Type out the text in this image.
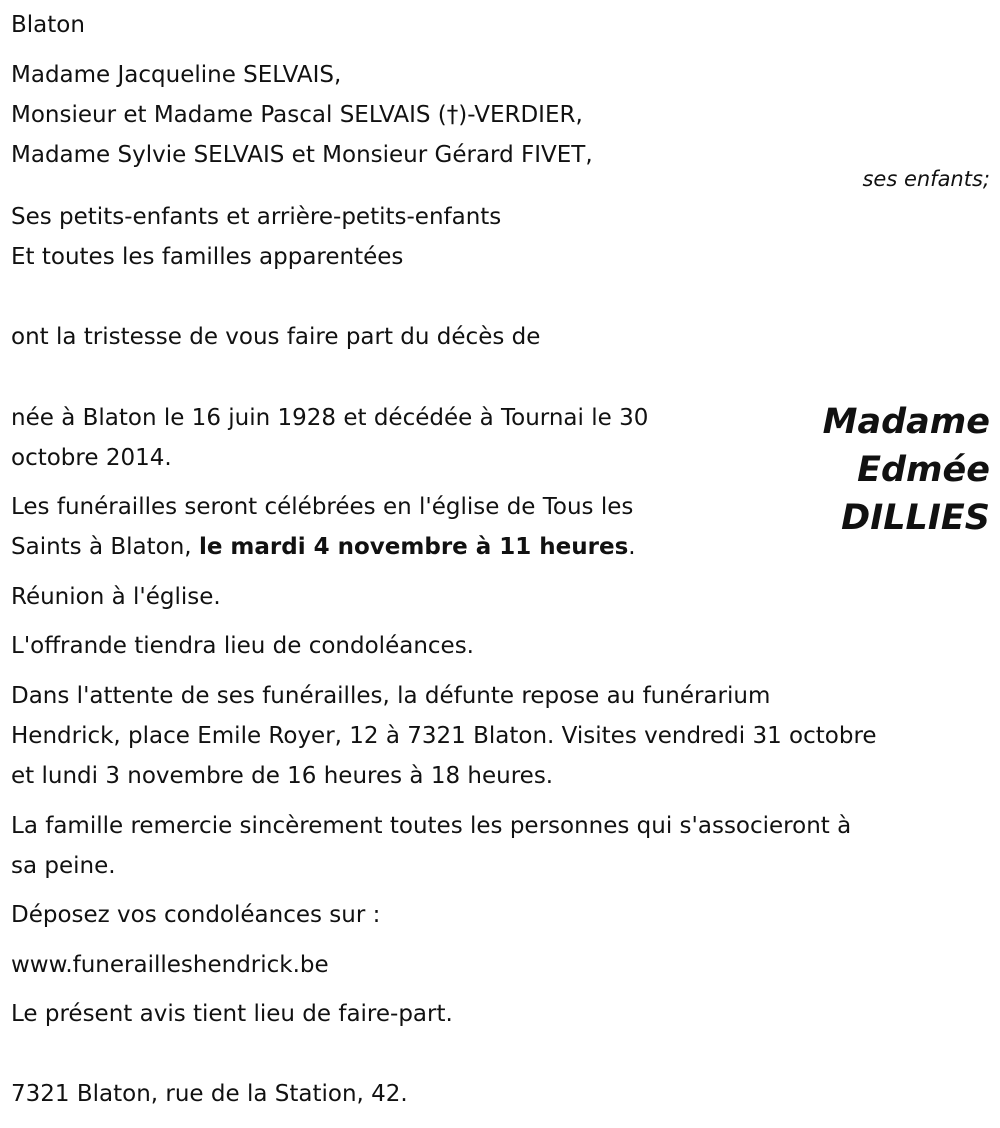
Blaton

Madame Jacqueline SELVAIS,

Monsieur et Madame Pascal SELVAIS (†)-VERDIER,

Madame Sylvie SELVAIS et Monsieur Gérard FIVET,

ses enfants;

Ses petits-enfants et arrière-petits-enfants

Et toutes les familles apparentées

ont la tristesse de vous faire part du décès de

Madame
Edmée
DILLIES

née à Blaton le 16 juin 1928 et décédée à Tournai le 30

octobre 2014.

Les funérailles seront célébrées en l'église de Tous les

Saints à Blaton, le mardi 4 novembre à 11 heures.

Réunion à l'église.

L'offrande tiendra lieu de condoléances.

Dans l'attente de ses funérailles, la défunte repose au funérarium

Hendrick, place Emile Royer, 12 à 7321 Blaton. Visites vendredi 31 octobre

et lundi 3 novembre de 16 heures à 18 heures.

La famille remercie sincèrement toutes les personnes qui s'associeront à

sa peine.

Déposez vos condoléances sur :

www.funerailleshendrick.be

Le présent avis tient lieu de faire-part.

7321 Blaton, rue de la Station, 42.
